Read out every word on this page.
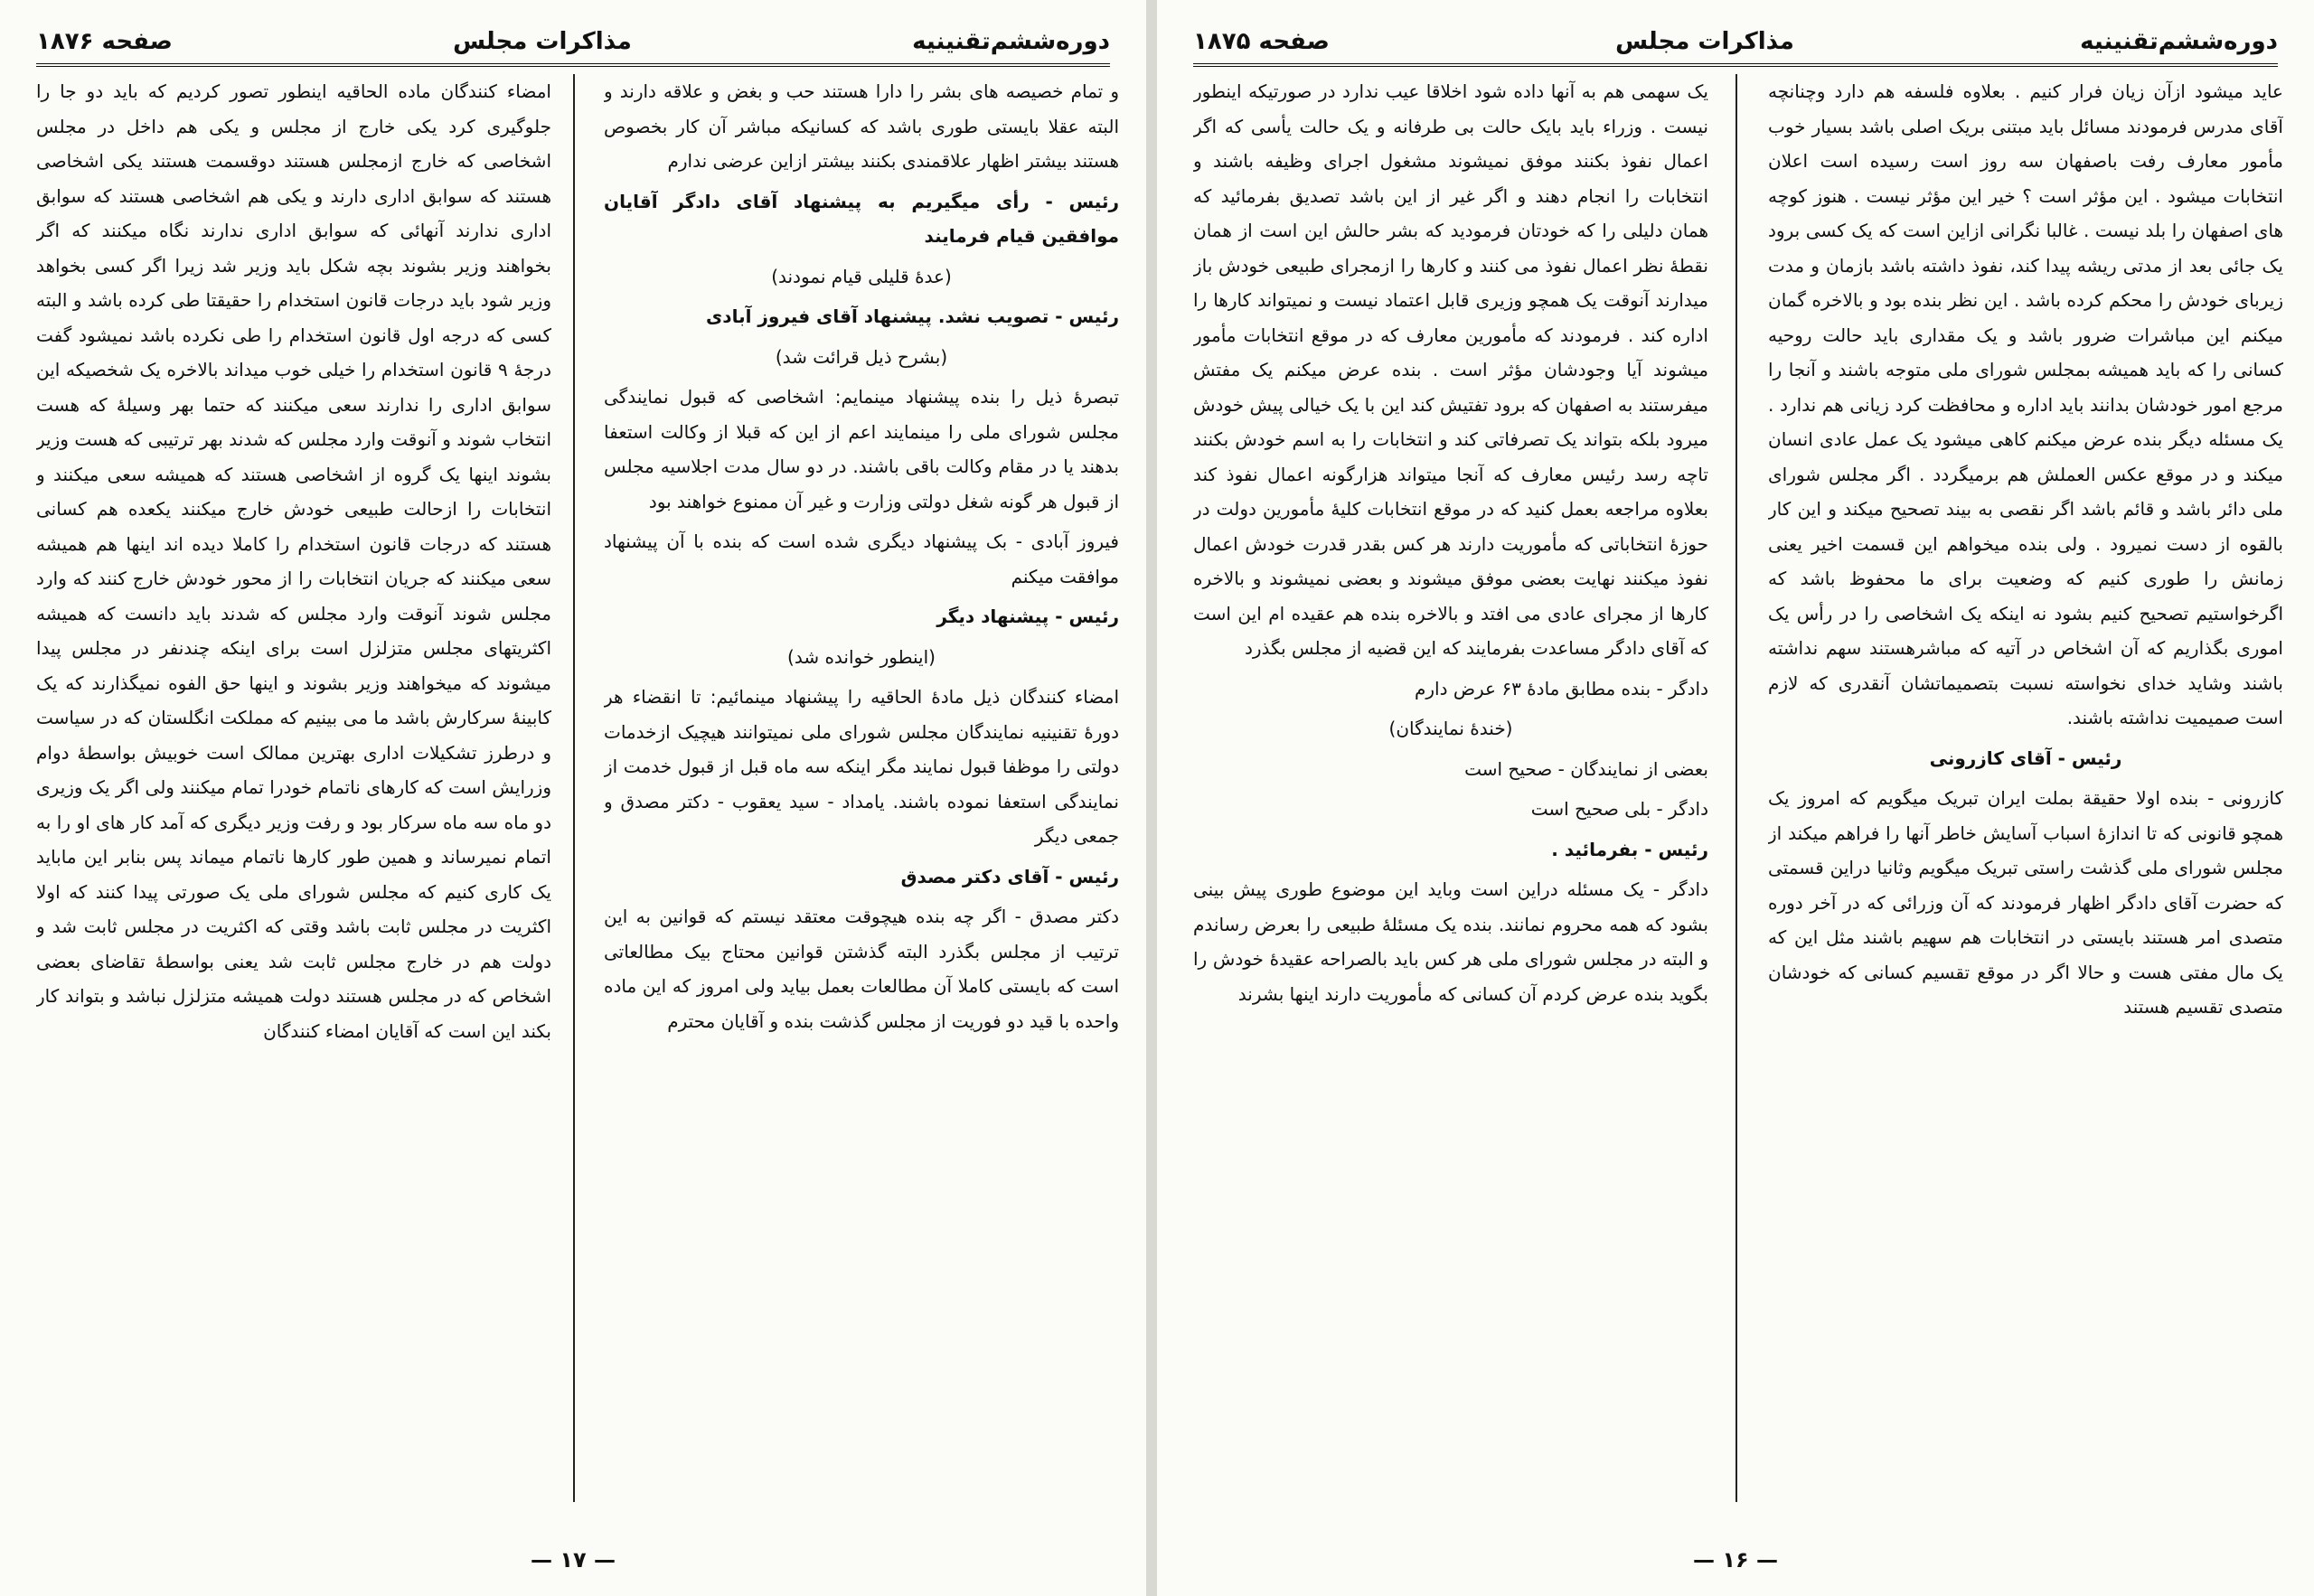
دوره‌ششم‌تقنینیه
مذاکرات مجلس
صفحه ۱۸۷۶

و تمام خصیصه های بشر را دارا هستند حب و بغض و علاقه دارند و البته عقلا بایستی طوری باشد که کسانیکه مباشر آن کار بخصوص هستند بیشتر اظهار علاقمندی بکنند بیشتر ازاین عرضی ندارم

رئیس - رأی میگیریم به پیشنهاد آقای دادگر آقایان موافقین قیام فرمایند

(عدۀ قلیلی قیام نمودند)

رئیس - تصویب نشد. پیشنهاد آقای فیروز آبادی

(بشرح ذیل قرائت شد)

تبصرۀ ذیل را بنده پیشنهاد مینمایم: اشخاصی که قبول نمایندگی مجلس شورای ملی را مینمایند اعم از این که قبلا از وکالت استعفا بدهند یا در مقام وکالت باقی باشند. در دو سال مدت اجلاسیه مجلس از قبول هر گونه شغل دولتی وزارت و غیر آن ممنوع خواهند بود

فیروز آبادی - بک پیشنهاد دیگری شده است که بنده با آن پیشنهاد موافقت میکنم

رئیس - پیشنهاد دیگر

(اینطور خوانده شد)

امضاء کنندگان ذیل مادۀ الحاقیه را پیشنهاد مینمائیم: تا انقضاء هر دورۀ تقنینیه نمایندگان مجلس شورای ملی نمیتوانند هیچیک ازخدمات دولتی را موظفا قبول نمایند مگر اینکه سه ماه قبل از قبول خدمت از نمایندگی استعفا نموده باشند. یامداد - سید یعقوب - دکتر مصدق و جمعی دیگر

رئیس - آقای دکتر مصدق

دکتر مصدق - اگر چه بنده هیچوقت معتقد نیستم که قوانین به این ترتیب از مجلس بگذرد البته گذشتن قوانین محتاج بیک مطالعاتی است که بایستی کاملا آن مطالعات بعمل بیاید ولی امروز که این ماده واحده با قید دو فوریت از مجلس گذشت بنده و آقایان محترم

امضاء کنندگان ماده الحاقیه اینطور تصور کردیم که باید دو جا را جلوگیری کرد یکی خارج از مجلس و یکی هم داخل در مجلس اشخاصی که خارج ازمجلس هستند دوقسمت هستند یکی اشخاصی هستند که سوابق اداری دارند و یکی هم اشخاصی هستند که سوابق اداری ندارند آنهائی که سوابق اداری ندارند نگاه میکنند که اگر بخواهند وزیر بشوند بچه شکل باید وزیر شد زیرا اگر کسی بخواهد وزیر شود باید درجات قانون استخدام را حقیقتا طی کرده باشد و البته کسی که درجه اول قانون استخدام را طی نکرده باشد نمیشود گفت درجۀ ۹ قانون استخدام را خیلی خوب میداند بالاخره یک شخصیکه این سوابق اداری را ندارند سعی میکنند که حتما بهر وسیلۀ که هست انتخاب شوند و آنوقت وارد مجلس که شدند بهر ترتیبی که هست وزیر بشوند اینها یک گروه از اشخاصی هستند که همیشه سعی میکنند و انتخابات را ازحالت طبیعی خودش خارج میکنند یکعده هم کسانی هستند که درجات قانون استخدام را کاملا دیده اند اینها هم همیشه سعی میکنند که جریان انتخابات را از محور خودش خارج کنند که وارد مجلس شوند آنوقت وارد مجلس که شدند باید دانست که همیشه اکثریتهای مجلس متزلزل است برای اینکه چندنفر در مجلس پیدا میشوند که میخواهند وزیر بشوند و اینها حق الفوه نمیگذارند که یک کابینۀ سرکارش باشد ما می بینیم که مملکت انگلستان که در سیاست و درطرز تشکیلات اداری بهترین ممالک است خوبیش بواسطۀ دوام وزرایش است که کارهای ناتمام خودرا تمام میکنند ولی اگر یک وزیری دو ماه سه ماه سرکار بود و رفت وزیر دیگری که آمد کار های او را به اتمام نمیرساند و همین طور کارها ناتمام میماند پس بنابر این ماباید یک کاری کنیم که مجلس شورای ملی یک صورتی پیدا کنند که اولا اکثریت در مجلس ثابت باشد وقتی که اکثریت در مجلس ثابت شد و دولت هم در خارج مجلس ثابت شد یعنی بواسطۀ تقاضای بعضی اشخاص که در مجلس هستند دولت همیشه متزلزل نباشد و بتواند کار بکند این است که آقایان امضاء کنندگان

— ۱۷ —
دوره‌ششم‌تقنینیه
مذاکرات مجلس
صفحه ۱۸۷۵

عاید میشود ازآن زیان فرار کنیم . بعلاوه فلسفه هم دارد وچنانچه آقای مدرس فرمودند مسائل باید مبتنی بریک اصلی باشد بسیار خوب مأمور معارف رفت باصفهان سه روز است رسیده است اعلان انتخابات میشود . این مؤثر است ؟ خیر این مؤثر نیست . هنوز کوچه های اصفهان را بلد نیست . غالبا نگرانی ازاین است که یک کسی برود یک جائی بعد از مدتی ریشه پیدا کند، نفوذ داشته باشد بازمان و مدت زیربای خودش را محکم کرده باشد . این نظر بنده بود و بالاخره گمان میکنم این مباشرات ضرور باشد و یک مقداری باید حالت روحیه کسانی را که باید همیشه بمجلس شورای ملی متوجه باشند و آنجا را مرجع امور خودشان بدانند باید اداره و محافظت کرد زیانی هم ندارد . یک مسئله دیگر بنده عرض میکنم کاهی میشود یک عمل عادی انسان میکند و در موقع عکس العملش هم برمیگردد . اگر مجلس شورای ملی دائر باشد و قائم باشد اگر نقصی به بیند تصحیح میکند و این کار بالقوه از دست نمیرود . ولی بنده میخواهم این قسمت اخیر یعنی زمانش را طوری کنیم که وضعیت برای ما محفوظ باشد که اگرخواستیم تصحیح کنیم بشود نه اینکه یک اشخاصی را در رأس یک اموری بگذاریم که آن اشخاص در آتیه که مباشرهستند سهم نداشته باشند وشاید خدای نخواسته نسبت بتصمیماتشان آنقدری که لازم است صمیمیت نداشته باشند.

رئیس - آقای کازرونی

کازرونی - بنده اولا حقیقة بملت ایران تبریک میگویم که امروز یک همچو قانونی که تا اندازۀ اسباب آسایش خاطر آنها را فراهم میکند از مجلس شورای ملی گذشت راستی تبریک میگویم وثانیا دراین قسمتی که حضرت آقای دادگر اظهار فرمودند که آن وزرائی که در آخر دوره متصدی امر هستند بایستی در انتخابات هم سهیم باشند مثل این که یک مال مفتی هست و حالا اگر در موقع تقسیم کسانی که خودشان متصدی تقسیم هستند

یک سهمی هم به آنها داده شود اخلاقا عیب ندارد در صورتیکه اینطور نیست . وزراء باید بایک حالت بی طرفانه و یک حالت یأسی که اگر اعمال نفوذ بکنند موفق نمیشوند مشغول اجرای وظیفه باشند و انتخابات را انجام دهند و اگر غیر از این باشد تصدیق بفرمائید که همان دلیلی را که خودتان فرمودید که بشر حالش این است از همان نقطۀ نظر اعمال نفوذ می کنند و کارها را ازمجرای طبیعی خودش باز میدارند آنوقت یک همچو وزیری قابل اعتماد نیست و نمیتواند کارها را اداره کند . فرمودند که مأمورین معارف که در موقع انتخابات مأمور میشوند آیا وجودشان مؤثر است . بنده عرض میکنم یک مفتش میفرستند به اصفهان که برود تفتیش کند این با یک خیالی پیش خودش میرود بلکه بتواند یک تصرفاتی کند و انتخابات را به اسم خودش بکنند تاچه رسد رئیس معارف که آنجا میتواند هزارگونه اعمال نفوذ کند بعلاوه مراجعه بعمل کنید که در موقع انتخابات کلیۀ مأمورین دولت در حوزۀ انتخاباتی که مأموریت دارند هر کس بقدر قدرت خودش اعمال نفوذ میکنند نهایت بعضی موفق میشوند و بعضی نمیشوند و بالاخره کارها از مجرای عادی می افتد و بالاخره بنده هم عقیده ام این است که آقای دادگر مساعدت بفرمایند که این قضیه از مجلس بگذرد

دادگر - بنده مطابق مادۀ ۶۳ عرض دارم

(خندۀ نمایندگان)

بعضی از نمایندگان - صحیح است

دادگر - بلی صحیح است

رئیس - بفرمائید .

دادگر - یک مسئله دراین است وباید این موضوع طوری پیش بینی بشود که همه محروم نمانند. بنده یک مسئلۀ طبیعی را بعرض رساندم و البته در مجلس شورای ملی هر کس باید بالصراحه عقیدۀ خودش را بگوید بنده عرض کردم آن کسانی که مأموریت دارند اینها بشرند

— ۱۶ —
